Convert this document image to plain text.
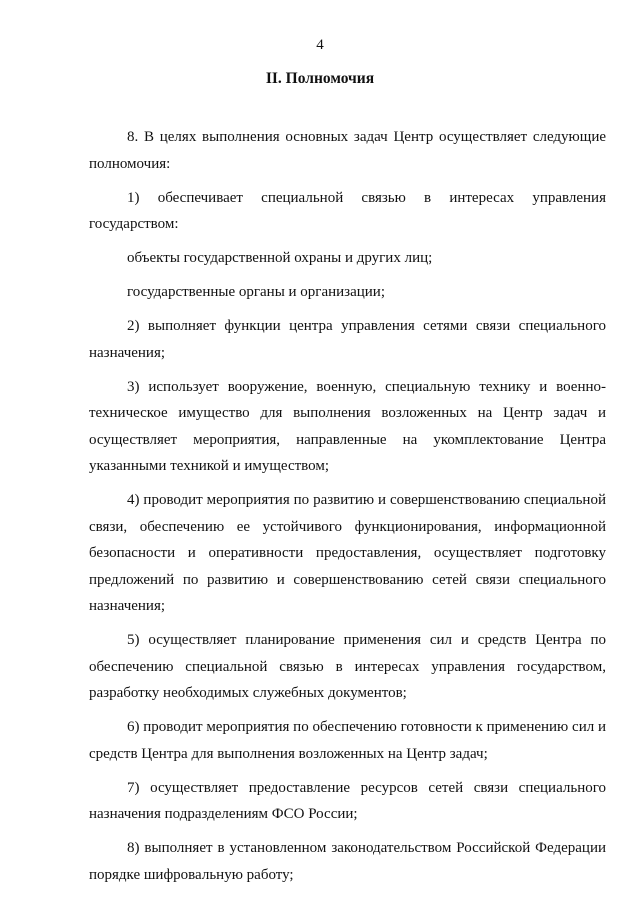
4
II. Полномочия

8. В целях выполнения основных задач Центр осуществляет следующие полномочия:

1) обеспечивает специальной связью в интересах управления государством:

объекты государственной охраны и других лиц;

государственные органы и организации;

2) выполняет функции центра управления сетями связи специального назначения;

3) использует вооружение, военную, специальную технику и военно-техническое имущество для выполнения возложенных на Центр задач и осуществляет мероприятия, направленные на укомплектование Центра указанными техникой и имуществом;

4) проводит мероприятия по развитию и совершенствованию специальной связи, обеспечению ее устойчивого функционирования, информационной безопасности и оперативности предоставления, осуществляет подготовку предложений по развитию и совершенствованию сетей связи специального назначения;

5) осуществляет планирование применения сил и средств Центра по обеспечению специальной связью в интересах управления государством, разработку необходимых служебных документов;

6) проводит мероприятия по обеспечению готовности к применению сил и средств Центра для выполнения возложенных на Центр задач;

7) осуществляет предоставление ресурсов сетей связи специального назначения подразделениям ФСО России;

8) выполняет в установленном законодательством Российской Федерации порядке шифровальную работу;
